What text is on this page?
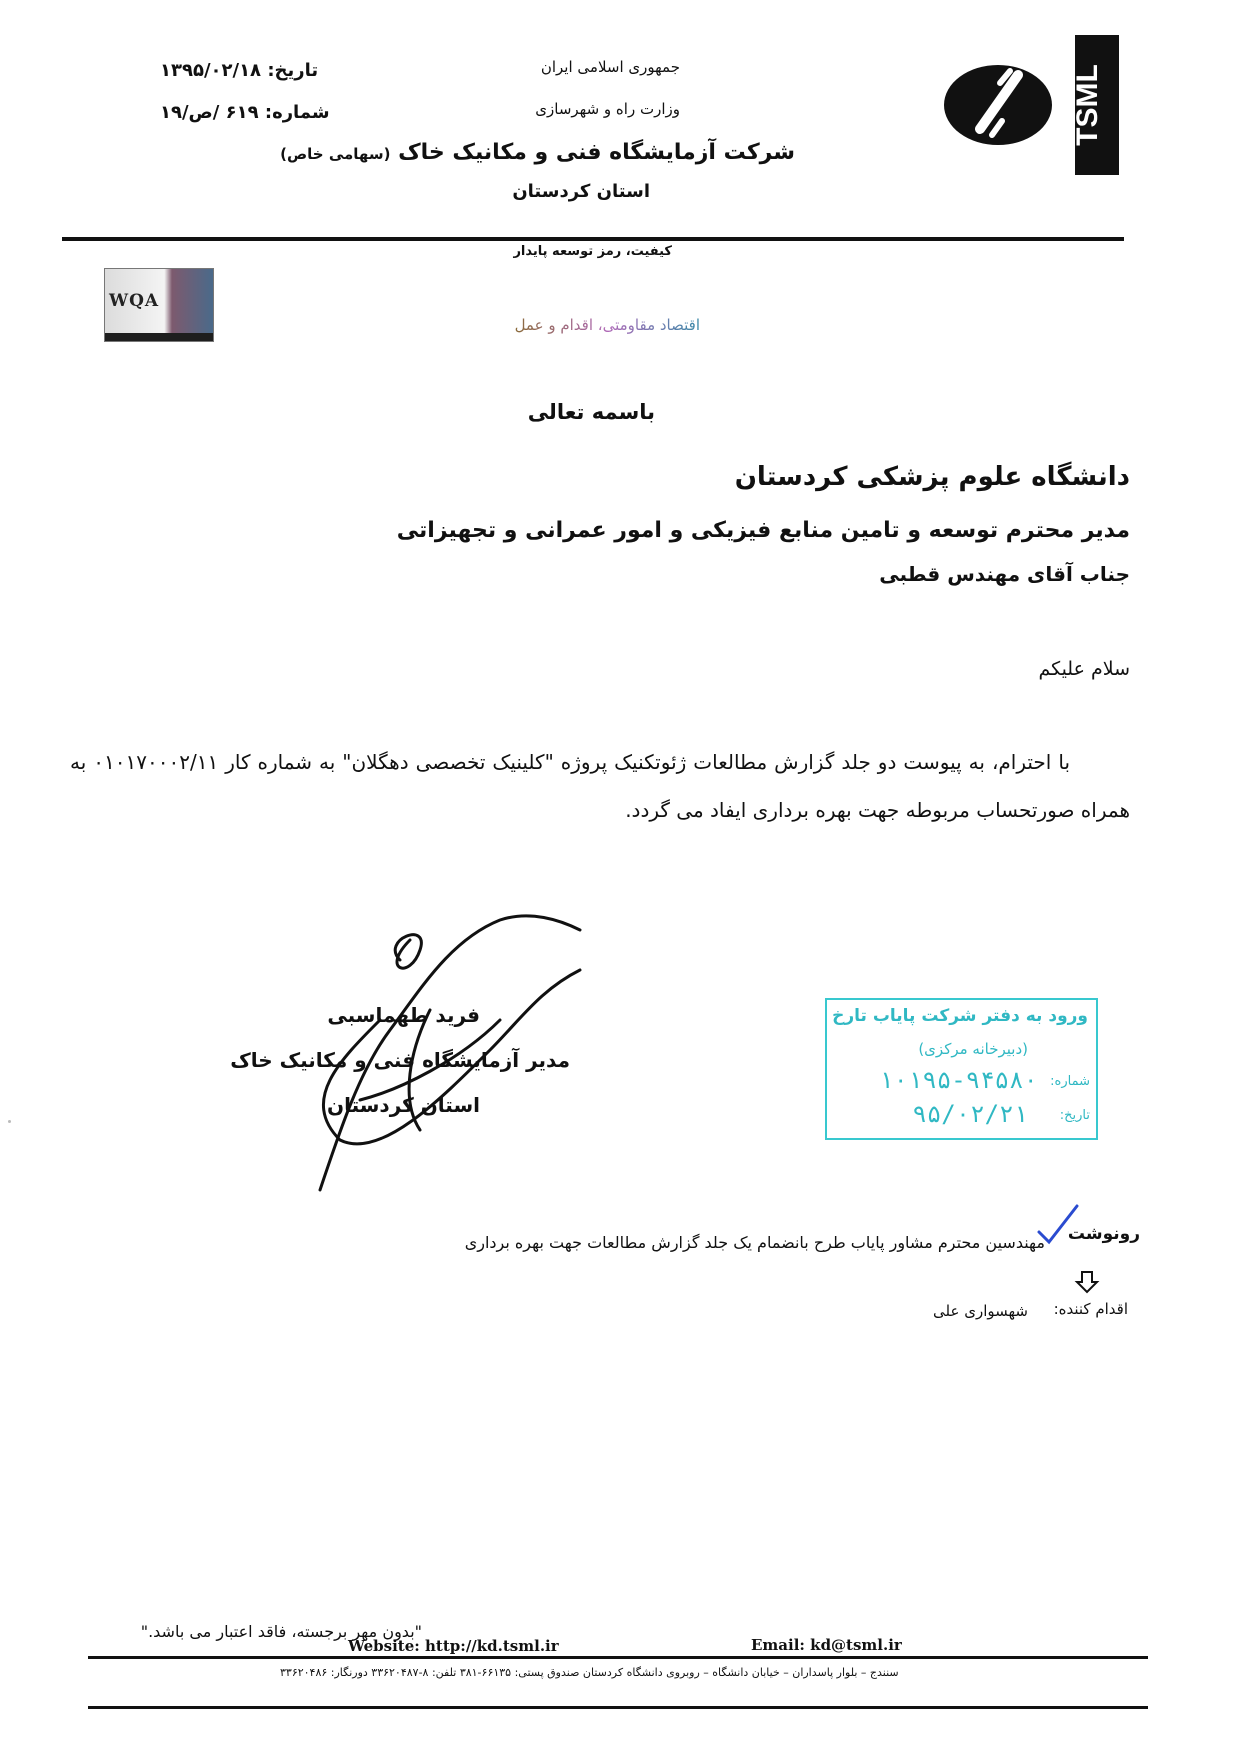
TSML
جمهوری اسلامی ایران
وزارت راه و شهرسازی
شرکت آزمایشگاه فنی و مکانیک خاک (سهامی خاص)
استان کردستان
تاریخ: ۱۳۹۵/۰۲/۱۸
شماره: ۶۱۹ /ص/۱۹
کیفیت، رمز توسعه پایدار
WQA
اقتصاد مقاومتی، اقدام و عمل
باسمه تعالی
دانشگاه علوم پزشکی کردستان
مدیر محترم توسعه و تامین منابع فیزیکی و امور عمرانی و تجهیزاتی
جناب آقای مهندس قطبی
سلام علیکم
با احترام، به پیوست دو جلد گزارش مطالعات ژئوتکنیک پروژه "کلینیک تخصصی دهگلان" به شماره کار ۰۱۰۱۷۰۰۰۲/۱۱ به همراه صورتحساب مربوطه جهت بهره برداری ایفاد می گردد.
فرید طهماسبی
مدیر آزمایشگاه فنی و مکانیک خاک
استان کردستان
ورود به دفتر شرکت پایاب تارخ
(دبیرخانه مرکزی)
شماره:
۱۰۱۹۵-۹۴۵۸۰
تاریخ:
۹۵/۰۲/۲۱
رونوشت
مهندسین محترم مشاور پایاب طرح بانضمام یک جلد گزارش مطالعات جهت بهره برداری
اقدام کننده:
شهسواری علی
"بدون مهر برجسته، فاقد اعتبار می باشد."
Website: http://kd.tsml.ir	Email: kd@tsml.ir
سنندج – بلوار پاسداران – خیابان دانشگاه – روبروی دانشگاه کردستان صندوق پستی: ۶۶۱۳۵-۳۸۱ تلفن: ۸-۳۳۶۲۰۴۸۷ دورنگار: ۳۳۶۲۰۴۸۶
